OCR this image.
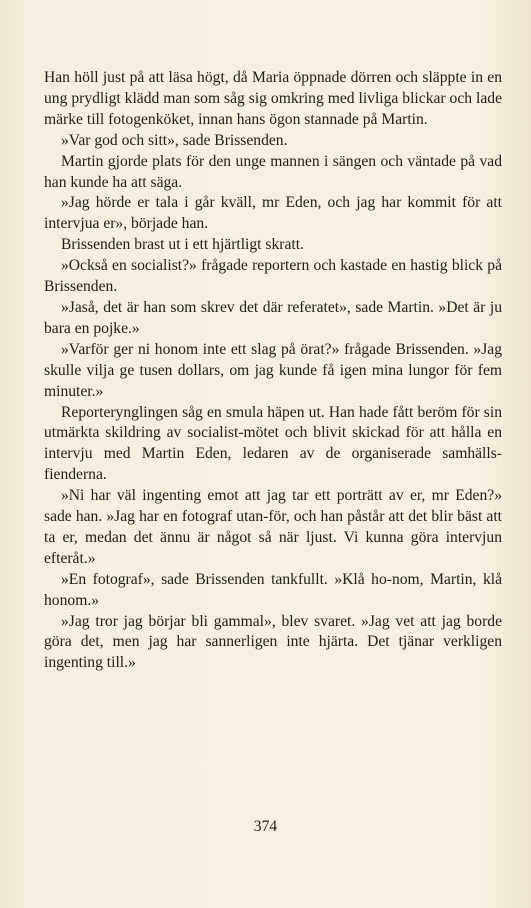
Han höll just på att läsa högt, då Maria öppnade dörren och släppte in en ung prydligt klädd man som såg sig omkring med livliga blickar och lade märke till fotogenköket, innan hans ögon stannade på Martin.

»Var god och sitt», sade Brissenden.

Martin gjorde plats för den unge mannen i sängen och väntade på vad han kunde ha att säga.

»Jag hörde er tala i går kväll, mr Eden, och jag har kommit för att intervjua er», började han.

Brissenden brast ut i ett hjärtligt skratt.

»Också en socialist?» frågade reportern och kastade en hastig blick på Brissenden.

»Jaså, det är han som skrev det där referatet», sade Martin. »Det är ju bara en pojke.»

»Varför ger ni honom inte ett slag på örat?» frågade Brissenden. »Jag skulle vilja ge tusen dollars, om jag kunde få igen mina lungor för fem minuter.»

Reporterynglingen såg en smula häpen ut. Han hade fått beröm för sin utmärkta skildring av socialist-mötet och blivit skickad för att hålla en intervju med Martin Eden, ledaren av de organiserade samhälls-fienderna.

»Ni har väl ingenting emot att jag tar ett porträtt av er, mr Eden?» sade han. »Jag har en fotograf utan-för, och han påstår att det blir bäst att ta er, medan det ännu är något så när ljust. Vi kunna göra intervjun efteråt.»

»En fotograf», sade Brissenden tankfullt. »Klå ho-nom, Martin, klå honom.»

»Jag tror jag börjar bli gammal», blev svaret. »Jag vet att jag borde göra det, men jag har sannerligen inte hjärta. Det tjänar verkligen ingenting till.»

374
